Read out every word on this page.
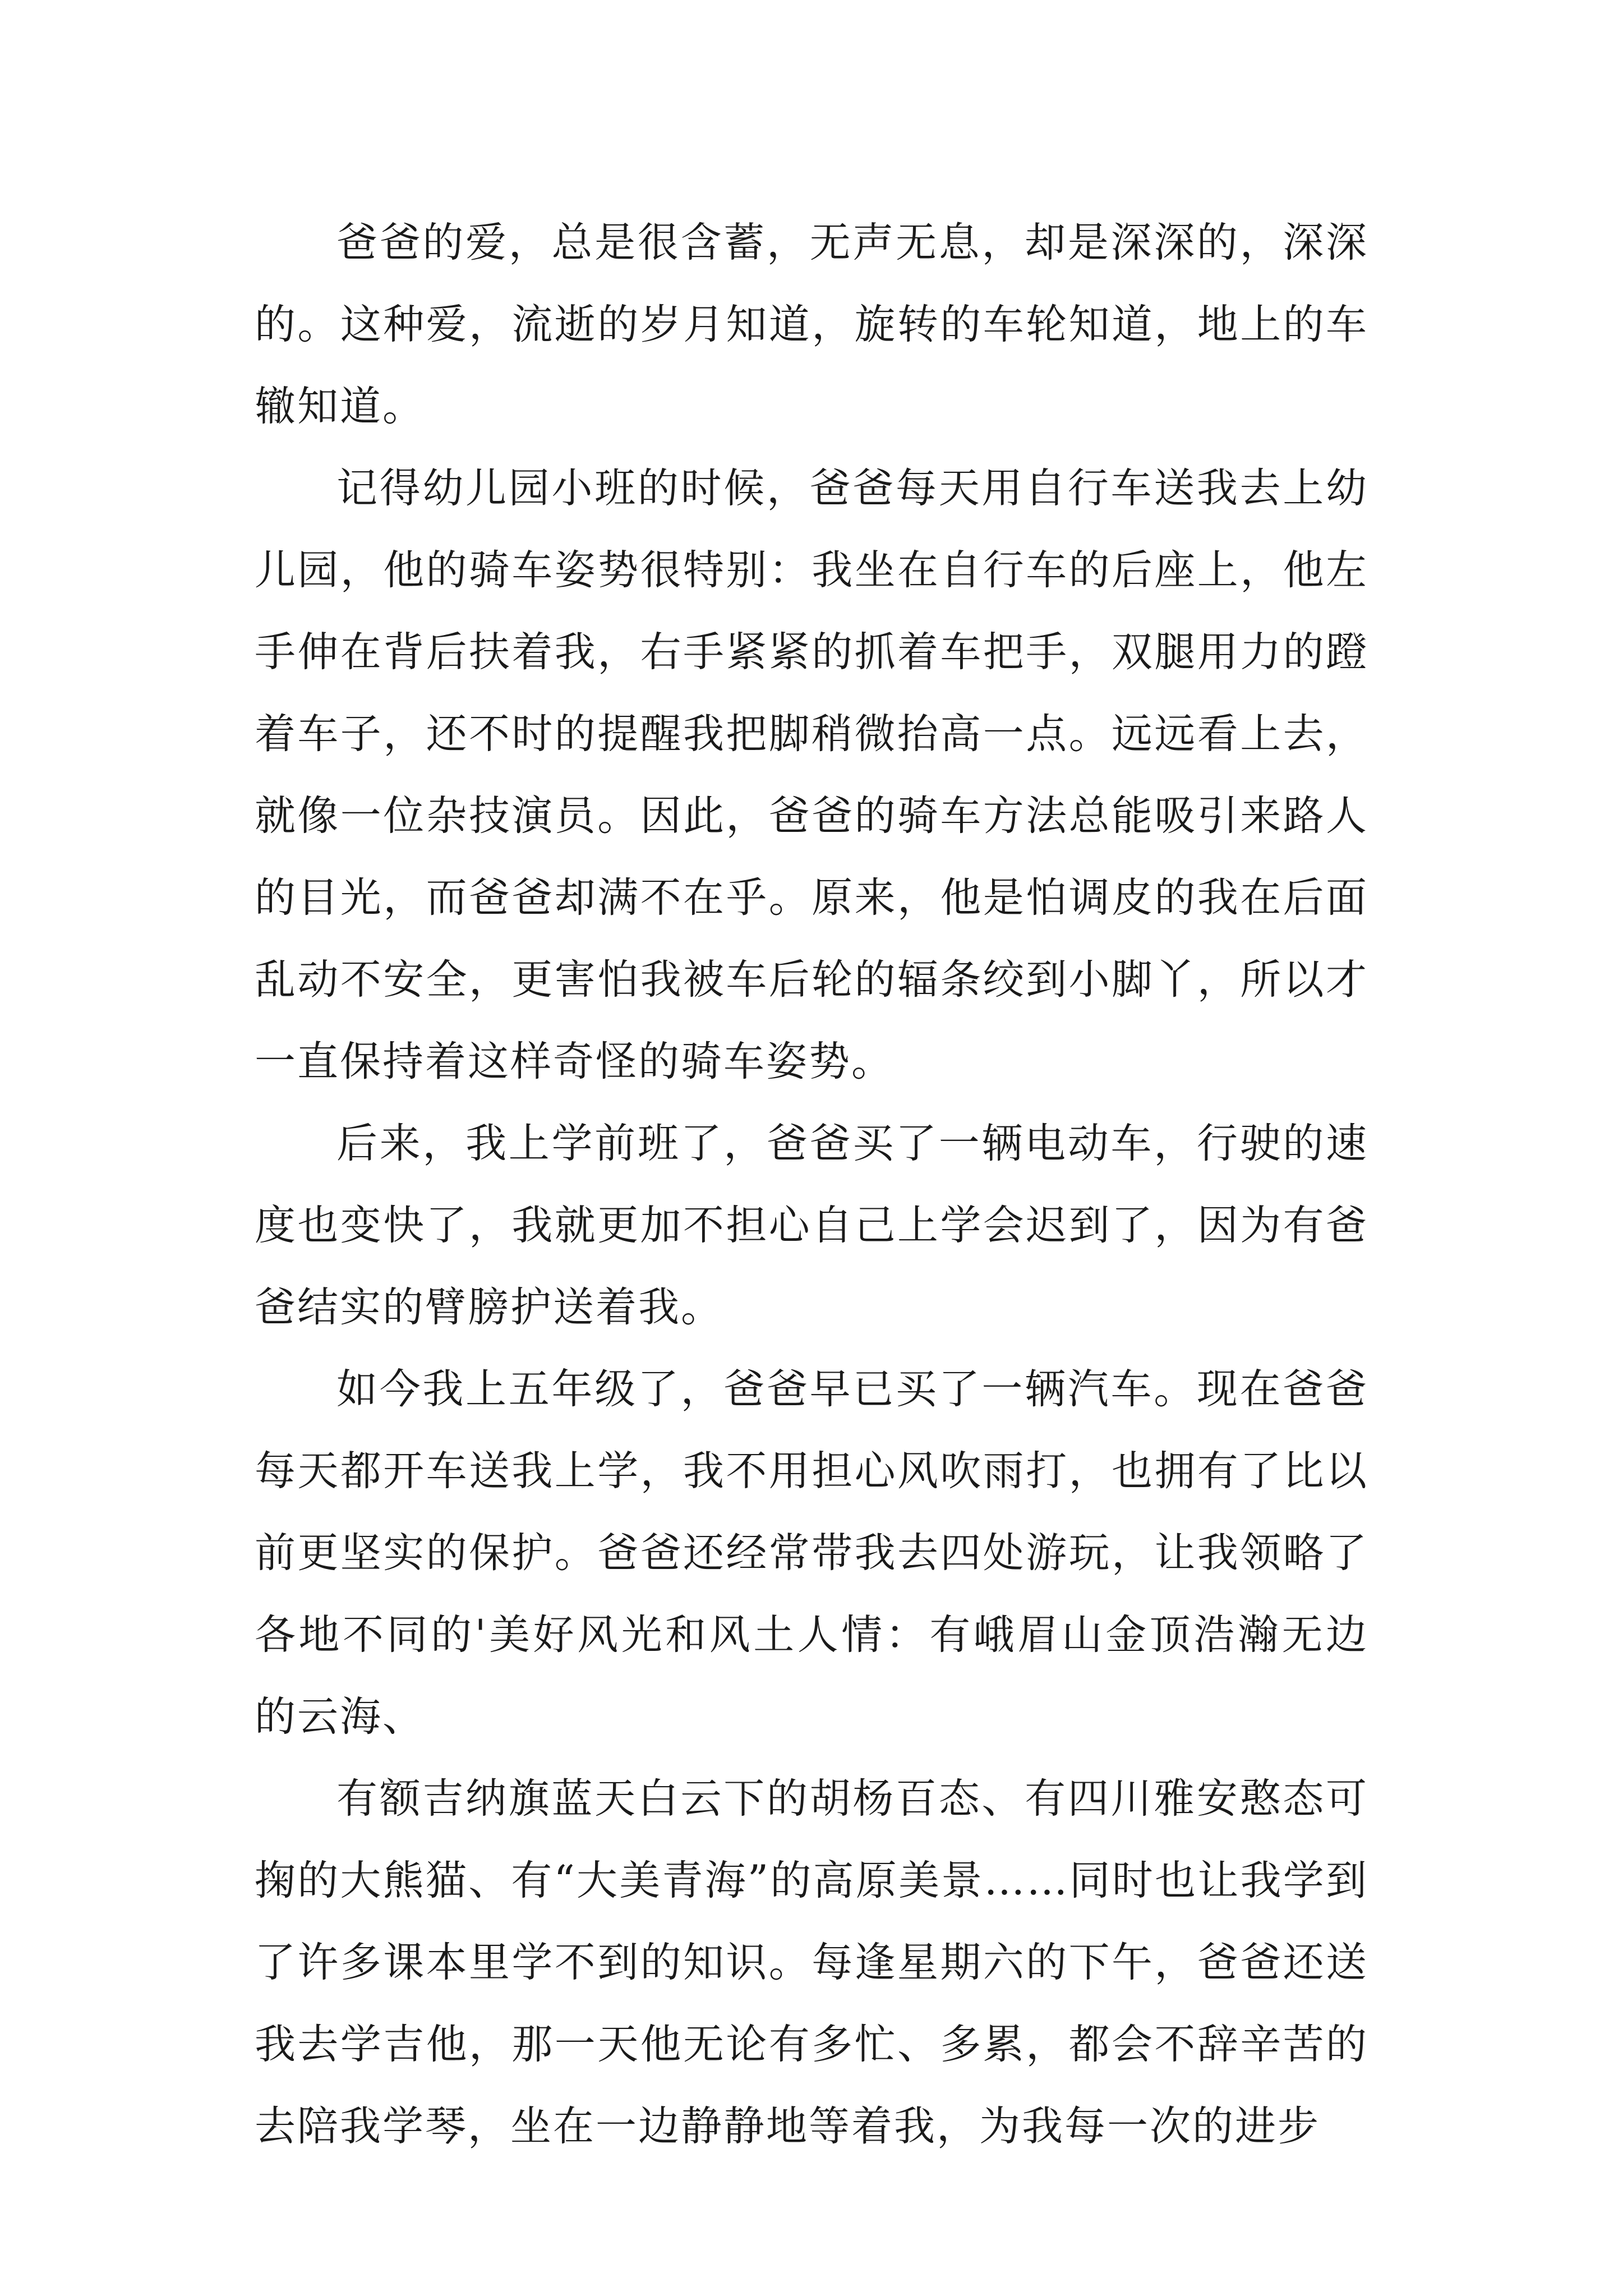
爸爸的爱，总是很含蓄，无声无息，却是深深的，深深的。这种爱，流逝的岁月知道，旋转的车轮知道，地上的车辙知道。

记得幼儿园小班的时候，爸爸每天用自行车送我去上幼儿园，他的骑车姿势很特别：我坐在自行车的后座上，他左手伸在背后扶着我，右手紧紧的抓着车把手，双腿用力的蹬着车子，还不时的提醒我把脚稍微抬高一点。远远看上去，就像一位杂技演员。因此，爸爸的骑车方法总能吸引来路人的目光，而爸爸却满不在乎。原来，他是怕调皮的我在后面乱动不安全，更害怕我被车后轮的辐条绞到小脚丫，所以才一直保持着这样奇怪的骑车姿势。

后来，我上学前班了，爸爸买了一辆电动车，行驶的速度也变快了，我就更加不担心自己上学会迟到了，因为有爸爸结实的臂膀护送着我。

如今我上五年级了，爸爸早已买了一辆汽车。现在爸爸每天都开车送我上学，我不用担心风吹雨打，也拥有了比以前更坚实的保护。爸爸还经常带我去四处游玩，让我领略了各地不同的'美好风光和风土人情：有峨眉山金顶浩瀚无边的云海、

有额吉纳旗蓝天白云下的胡杨百态、有四川雅安憨态可掬的大熊猫、有“大美青海”的高原美景……同时也让我学到了许多课本里学不到的知识。每逢星期六的下午，爸爸还送我去学吉他，那一天他无论有多忙、多累，都会不辞辛苦的去陪我学琴，坐在一边静静地等着我，为我每一次的进步
